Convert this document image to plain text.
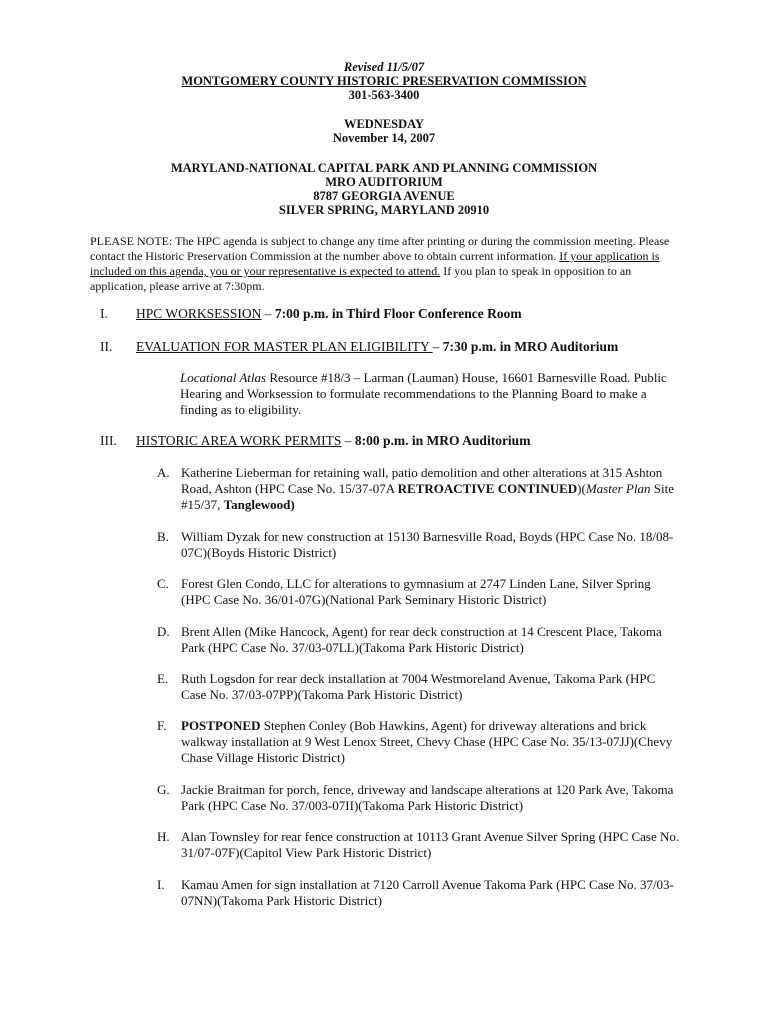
Revised 11/5/07
MONTGOMERY COUNTY HISTORIC PRESERVATION COMMISSION
301-563-3400
WEDNESDAY
November 14, 2007
MARYLAND-NATIONAL CAPITAL PARK AND PLANNING COMMISSION
MRO AUDITORIUM
8787 GEORGIA AVENUE
SILVER SPRING, MARYLAND 20910
PLEASE NOTE: The HPC agenda is subject to change any time after printing or during the commission meeting. Please contact the Historic Preservation Commission at the number above to obtain current information. If your application is included on this agenda, you or your representative is expected to attend. If you plan to speak in opposition to an application, please arrive at 7:30pm.
I. HPC WORKSESSION – 7:00 p.m. in Third Floor Conference Room
II. EVALUATION FOR MASTER PLAN ELIGIBILITY – 7:30 p.m. in MRO Auditorium
Locational Atlas Resource #18/3 – Larman (Lauman) House, 16601 Barnesville Road. Public Hearing and Worksession to formulate recommendations to the Planning Board to make a finding as to eligibility.
III. HISTORIC AREA WORK PERMITS – 8:00 p.m. in MRO Auditorium
A. Katherine Lieberman for retaining wall, patio demolition and other alterations at 315 Ashton Road, Ashton (HPC Case No. 15/37-07A RETROACTIVE CONTINUED)(Master Plan Site #15/37, Tanglewood)
B. William Dyzak for new construction at 15130 Barnesville Road, Boyds (HPC Case No. 18/08-07C)(Boyds Historic District)
C. Forest Glen Condo, LLC for alterations to gymnasium at 2747 Linden Lane, Silver Spring (HPC Case No. 36/01-07G)(National Park Seminary Historic District)
D. Brent Allen (Mike Hancock, Agent) for rear deck construction at 14 Crescent Place, Takoma Park (HPC Case No. 37/03-07LL)(Takoma Park Historic District)
E. Ruth Logsdon for rear deck installation at 7004 Westmoreland Avenue, Takoma Park (HPC Case No. 37/03-07PP)(Takoma Park Historic District)
F. POSTPONED Stephen Conley (Bob Hawkins, Agent) for driveway alterations and brick walkway installation at 9 West Lenox Street, Chevy Chase (HPC Case No. 35/13-07JJ)(Chevy Chase Village Historic District)
G. Jackie Braitman for porch, fence, driveway and landscape alterations at 120 Park Ave, Takoma Park (HPC Case No. 37/003-07II)(Takoma Park Historic District)
H. Alan Townsley for rear fence construction at 10113 Grant Avenue Silver Spring (HPC Case No. 31/07-07F)(Capitol View Park Historic District)
I. Kamau Amen for sign installation at 7120 Carroll Avenue Takoma Park (HPC Case No. 37/03-07NN)(Takoma Park Historic District)
